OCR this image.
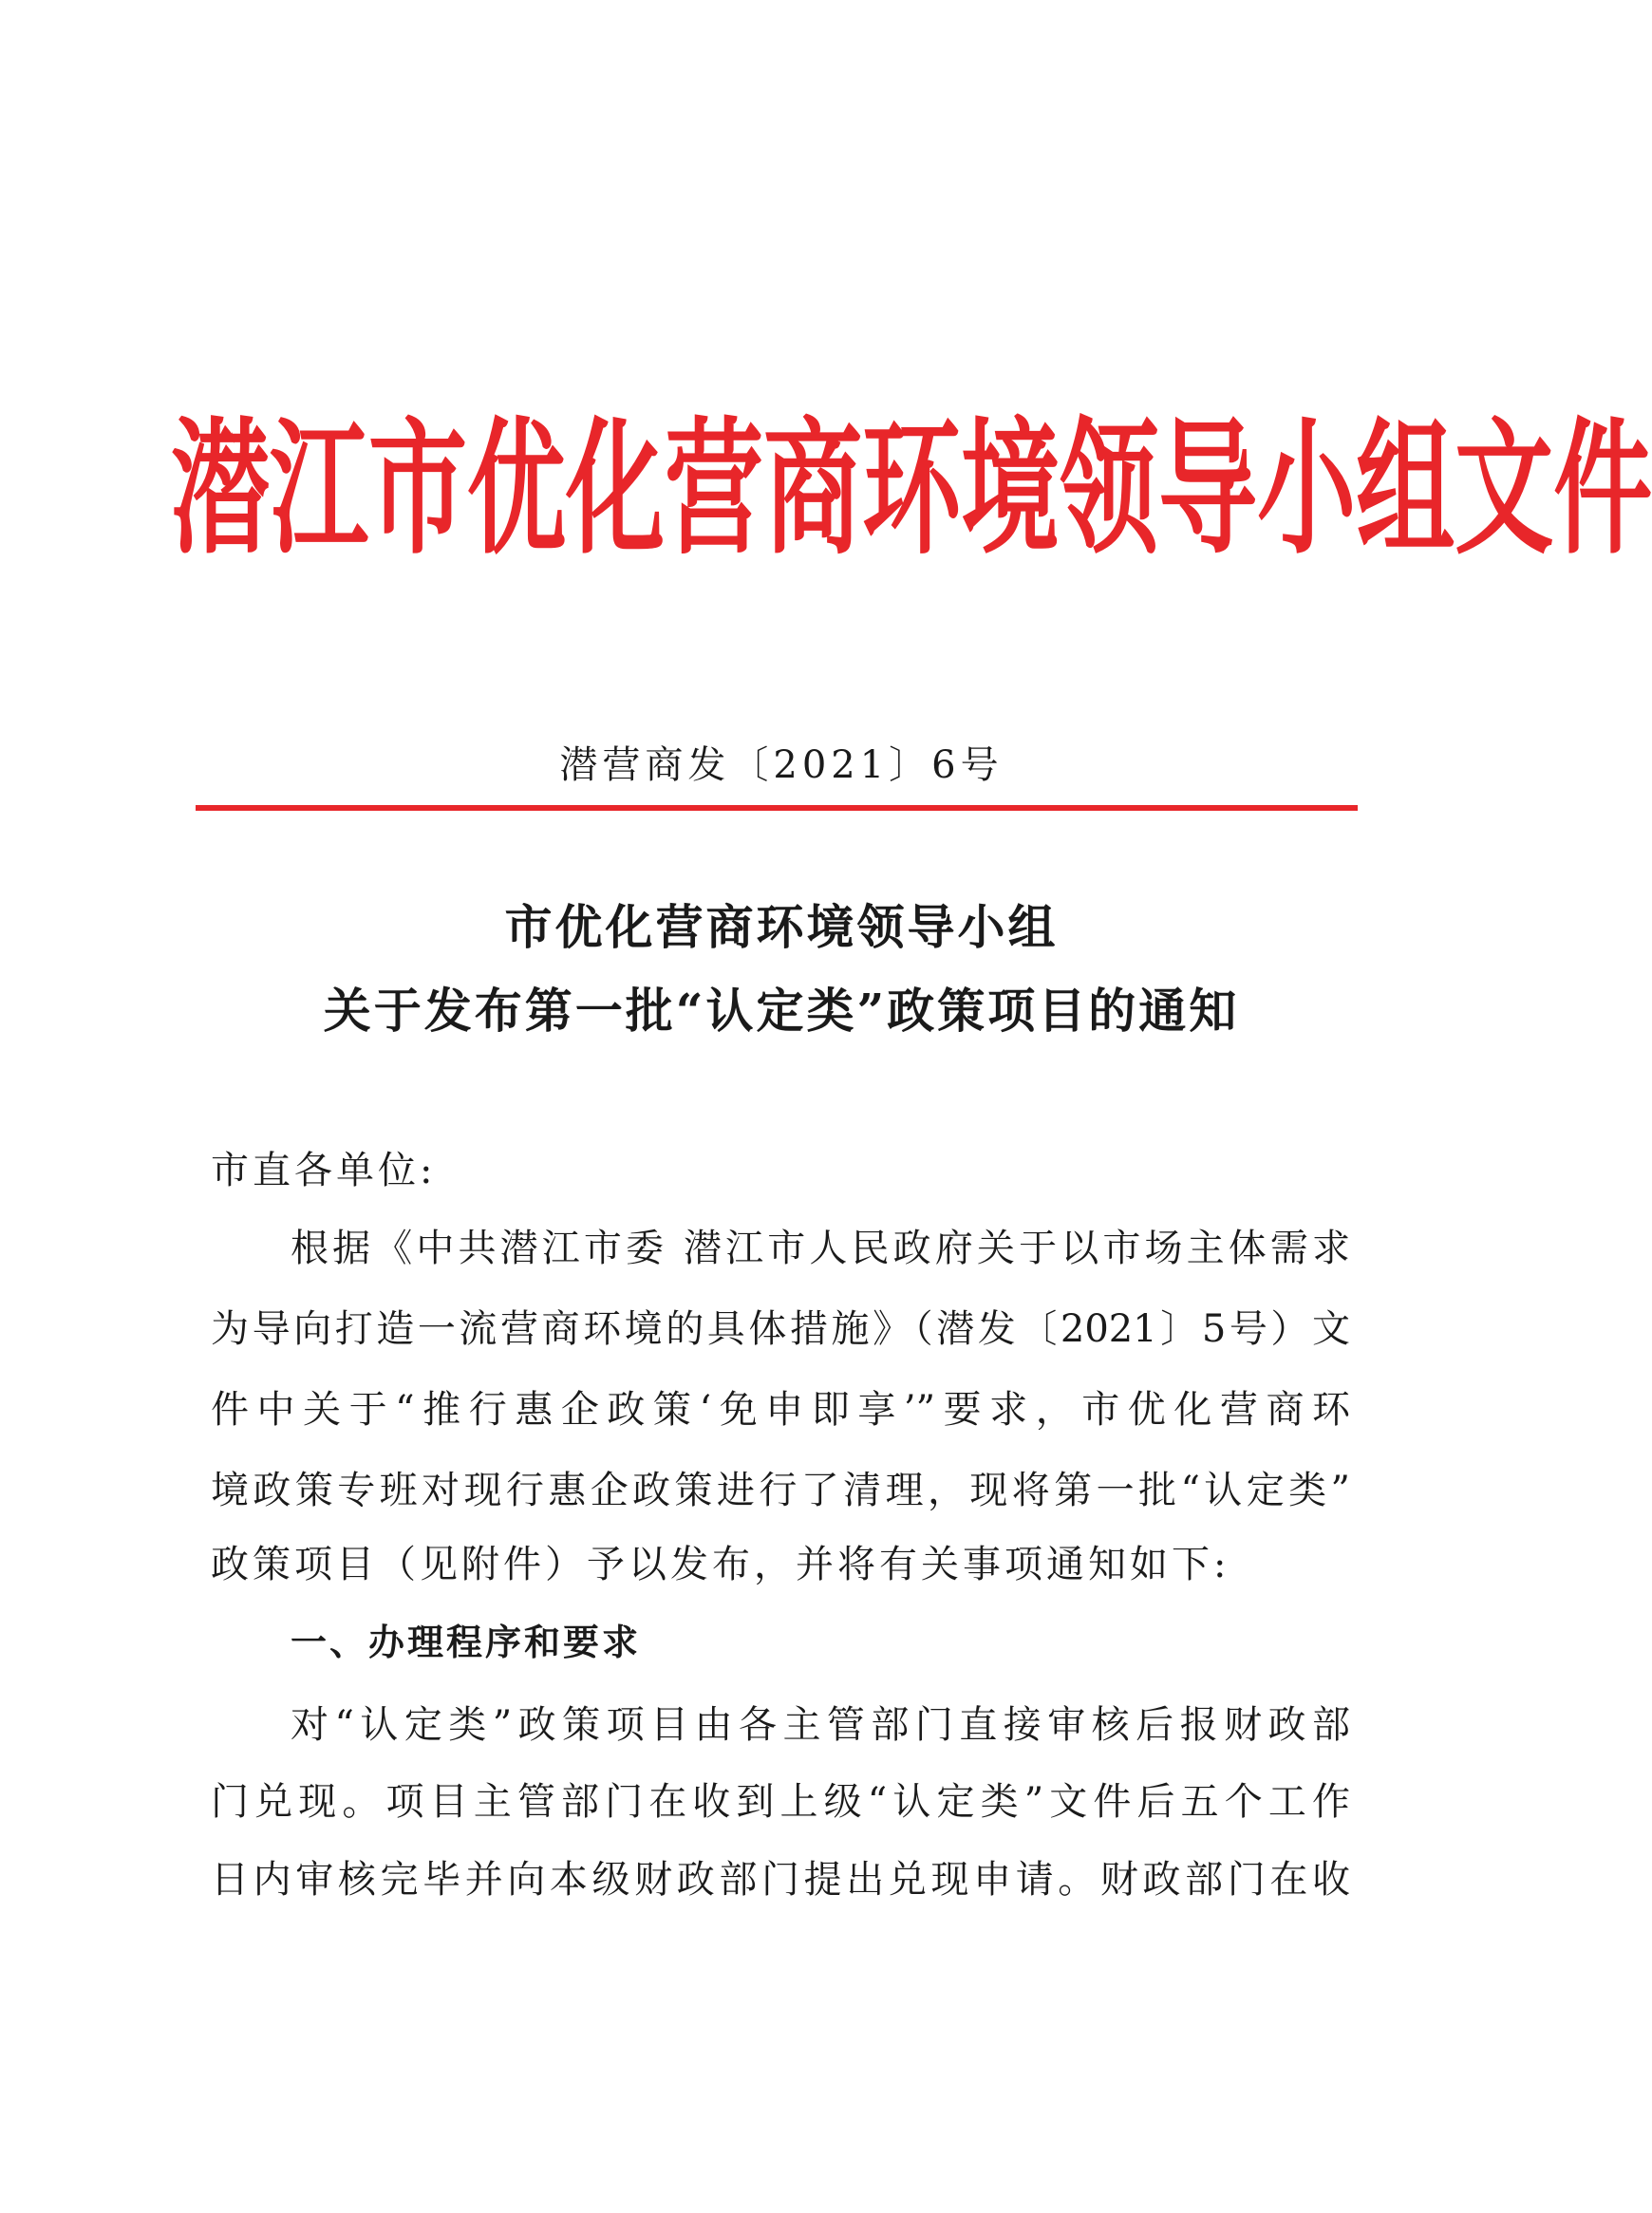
潜 江 市 优 化 营 商 环 境 领 导 小 组 文 件
潜营商发〔2021〕6号
市优化营商环境领导小组
关于发布第一批“认定类”政策项目的通知
市直各单位:
根据《中共潜江市委 潜江市人民政府关于以市场主体需求
为导向打造一流营商环境的具体措施》（潜发〔2021〕5号）文
件中关于“推行惠企政策‘免申即享’”要求，市优化营商环
境政策专班对现行惠企政策进行了清理，现将第一批“认定类”
政策项目（见附件）予以发布，并将有关事项通知如下:
一、办理程序和要求
对“认定类”政策项目由各主管部门直接审核后报财政部
门兑现。项目主管部门在收到上级“认定类”文件后五个工作
日内审核完毕并向本级财政部门提出兑现申请。财政部门在收
